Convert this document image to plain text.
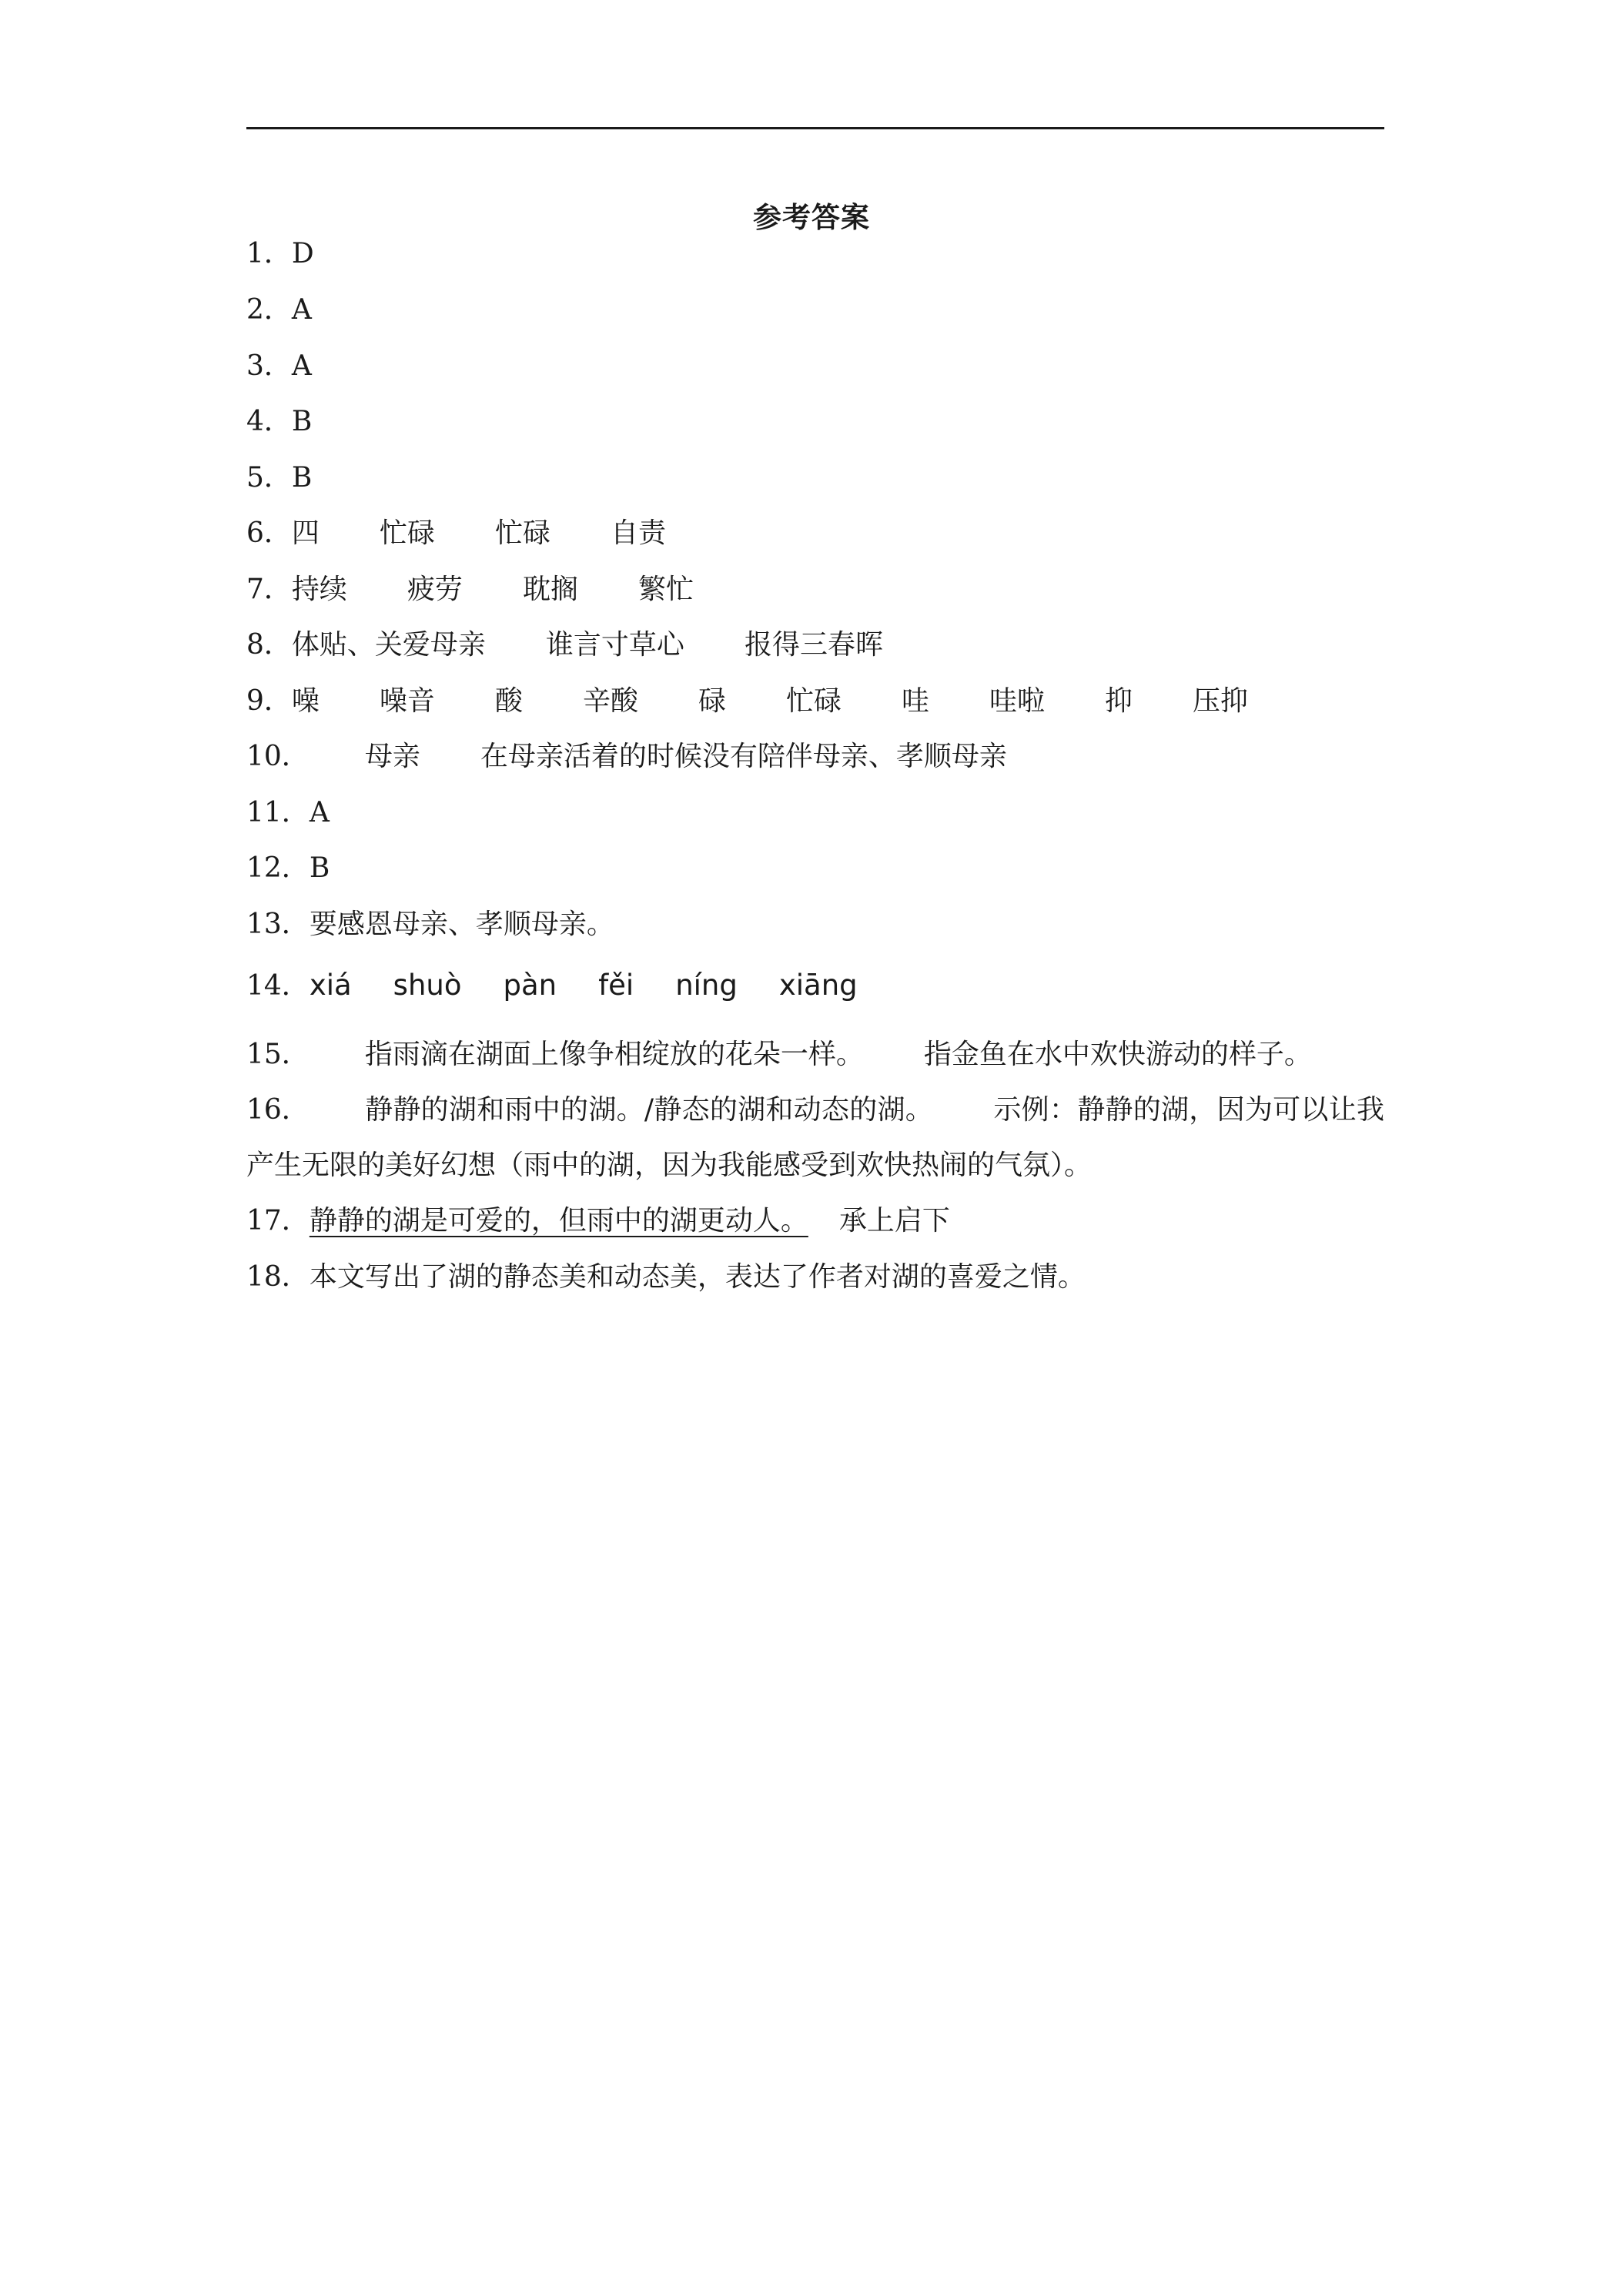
参考答案
1．D
2．A
3．A
4．B
5．B
6．四 忙碌 忙碌 自责
7．持续 疲劳 耽搁 繁忙
8．体贴、关爱母亲 谁言寸草心 报得三春晖
9．噪 噪音 酸 辛酸 碌 忙碌 哇 哇啦 抑 压抑
10． 母亲 在母亲活着的时候没有陪伴母亲、孝顺母亲
11．A
12．B
13．要感恩母亲、孝顺母亲。
14．xiá shuò pàn fěi níng xiāng
15． 指雨滴在湖面上像争相绽放的花朵一样。 指金鱼在水中欢快游动的样子。
16． 静静的湖和雨中的湖。/静态的湖和动态的湖。 示例：静静的湖，因为可以让我产生无限的美好幻想（雨中的湖，因为我能感受到欢快热闹的气氛）。
17．静静的湖是可爱的，但雨中的湖更动人。 承上启下
18．本文写出了湖的静态美和动态美，表达了作者对湖的喜爱之情。
